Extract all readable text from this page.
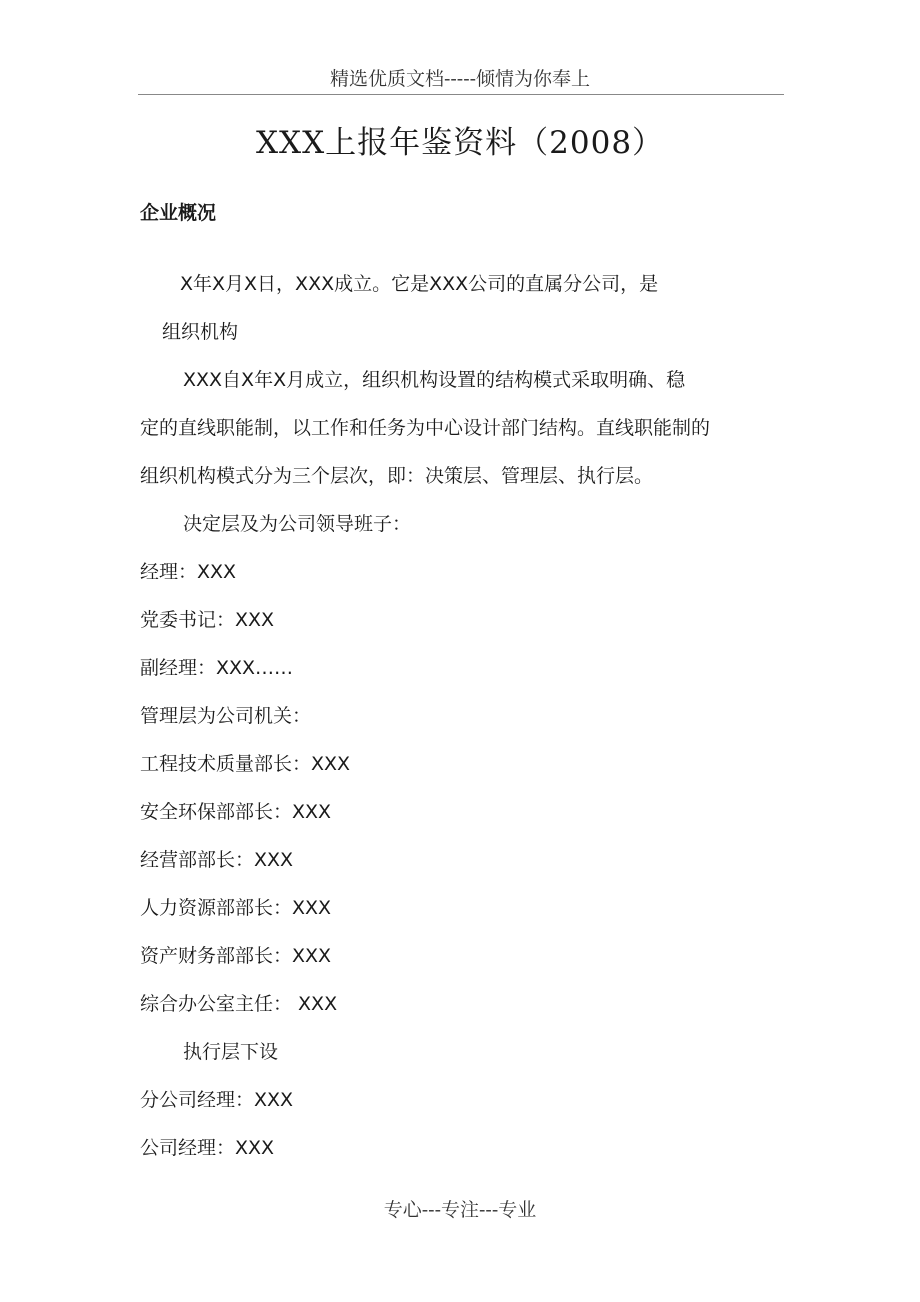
精选优质文档-----倾情为你奉上
XXX上报年鉴资料（2008）
企业概况
X年X月X日，XXX成立。它是XXX公司的直属分公司，是
组织机构
XXX自X年X月成立，组织机构设置的结构模式采取明确、稳
定的直线职能制，以工作和任务为中心设计部门结构。直线职能制的
组织机构模式分为三个层次，即：决策层、管理层、执行层。
决定层及为公司领导班子：
经理：XXX
党委书记：XXX
副经理：XXX……
管理层为公司机关：
工程技术质量部长：XXX
安全环保部部长：XXX
经营部部长：XXX
人力资源部部长：XXX
资产财务部部长：XXX
综合办公室主任： XXX
执行层下设
分公司经理：XXX
公司经理：XXX
专心---专注---专业
